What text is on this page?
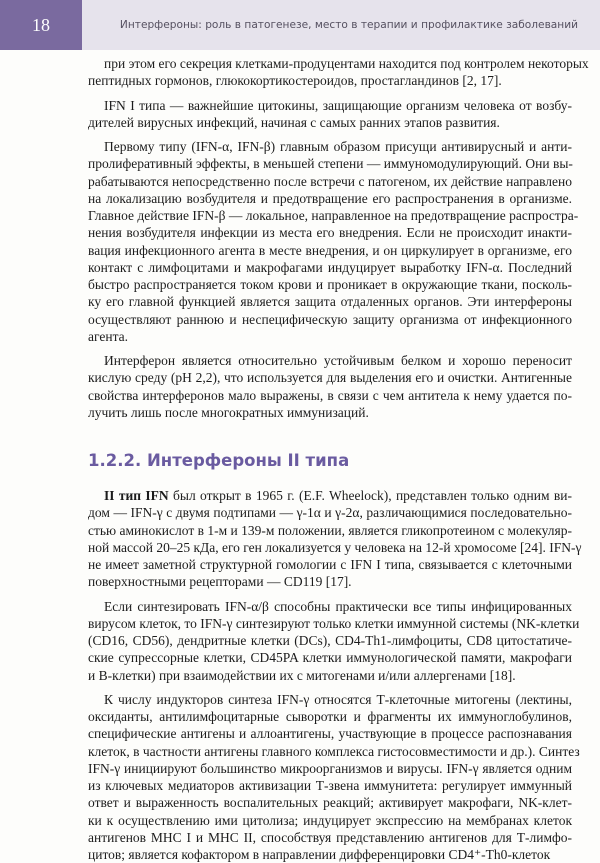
18	Интерфероны: роль в патогенезе, место в терапии и профилактике заболеваний

при этом его секреция клетками-продуцентами находится под контролем некоторых
пептидных гормонов, глюкокортикостероидов, простагландинов [2, 17].

IFN I типа — важнейшие цитокины, защищающие организм человека от возбу-
дителей вирусных инфекций, начиная с самых ранних этапов развития.

Первому типу (IFN-α, IFN-β) главным образом присущи антивирусный и анти-
пролиферативный эффекты, в меньшей степени — иммуномодулирующий. Они вы-
рабатываются непосредственно после встречи с патогеном, их действие направлено
на локализацию возбудителя и предотвращение его распространения в организме.
Главное действие IFN-β — локальное, направленное на предотвращение распростра-
нения возбудителя инфекции из места его внедрения. Если не происходит инакти-
вация инфекционного агента в месте внедрения, и он циркулирует в организме, его
контакт с лимфоцитами и макрофагами индуцирует выработку IFN-α. Последний
быстро распространяется током крови и проникает в окружающие ткани, посколь-
ку его главной функцией является защита отдаленных органов. Эти интерфероны
осуществляют раннюю и неспецифическую защиту организма от инфекционного
агента.

Интерферон является относительно устойчивым белком и хорошо переносит
кислую среду (pH 2,2), что используется для выделения его и очистки. Антигенные
свойства интерферонов мало выражены, в связи с чем антитела к нему удается по-
лучить лишь после многократных иммунизаций.

1.2.2. Интерфероны II типа

II тип IFN был открыт в 1965 г. (E.F. Wheelock), представлен только одним ви-
дом — IFN-γ с двумя подтипами — γ-1α и γ-2α, различающимися последовательно-
стью аминокислот в 1-м и 139-м положении, является гликопротеином с молекуляр-
ной массой 20–25 кДа, его ген локализуется у человека на 12-й хромосоме [24]. IFN-γ
не имеет заметной структурной гомологии с IFN I типа, связывается с клеточными
поверхностными рецепторами — CD119 [17].

Если синтезировать IFN-α/β способны практически все типы инфицированных
вирусом клеток, то IFN-γ синтезируют только клетки иммунной системы (NK-клетки
(CD16, CD56), дендритные клетки (DCs), CD4-Th1-лимфоциты, CD8 цитостатиче-
ские супрессорные клетки, CD45PA клетки иммунологической памяти, макрофаги
и В-клетки) при взаимодействии их с митогенами и/или аллергенами [18].

К числу индукторов синтеза IFN-γ относятся Т-клеточные митогены (лектины,
оксиданты, антилимфоцитарные сыворотки и фрагменты их иммуноглобулинов,
специфические антигены и аллоантигены, участвующие в процессе распознавания
клеток, в частности антигены главного комплекса гистосовместимости и др.). Синтез
IFN-γ инициируют большинство микроорганизмов и вирусы. IFN-γ является одним
из ключевых медиаторов активизации Т-звена иммунитета: регулирует иммунный
ответ и выраженность воспалительных реакций; активирует макрофаги, NK-клет-
ки к осуществлению ими цитолиза; индуцирует экспрессию на мембранах клеток
антигенов MHC I и MHC II, способствуя представлению антигенов для Т-лимфо-
цитов; является кофактором в направлении дифференцировки CD4⁺-Th0-клеток
